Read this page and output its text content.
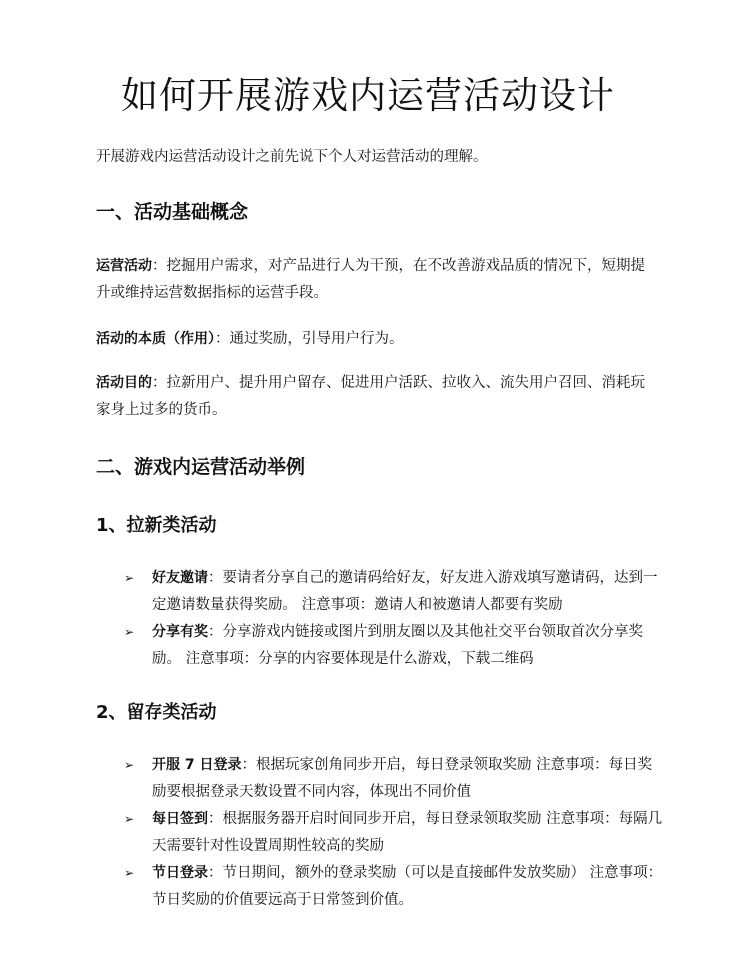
如何开展游戏内运营活动设计

开展游戏内运营活动设计之前先说下个人对运营活动的理解。

一、活动基础概念

运营活动：挖掘用户需求，对产品进行人为干预，在不改善游戏品质的情况下，短期提 升或维持运营数据指标的运营手段。

活动的本质（作用）：通过奖励，引导用户行为。

活动目的：拉新用户、提升用户留存、促进用户活跃、拉收入、流失用户召回、消耗玩家身上过多的货币。

二、游戏内运营活动举例
1、拉新类活动
➢ 好友邀请：要请者分享自己的邀请码给好友，好友进入游戏填写邀请码，达到一定邀请数量获得奖励。 注意事项：邀请人和被邀请人都要有奖励
➢ 分享有奖：分享游戏内链接或图片到朋友圈以及其他社交平台领取首次分享奖励。 注意事项：分享的内容要体现是什么游戏，下载二维码
2、留存类活动
➢ 开服 7 日登录：根据玩家创角同步开启，每日登录领取奖励 注意事项：每日奖励要根据登录天数设置不同内容，体现出不同价值
➢ 每日签到：根据服务器开启时间同步开启，每日登录领取奖励 注意事项：每隔几天需要针对性设置周期性较高的奖励
➢ 节日登录：节日期间，额外的登录奖励（可以是直接邮件发放奖励） 注意事项：节日奖励的价值要远高于日常签到价值。
